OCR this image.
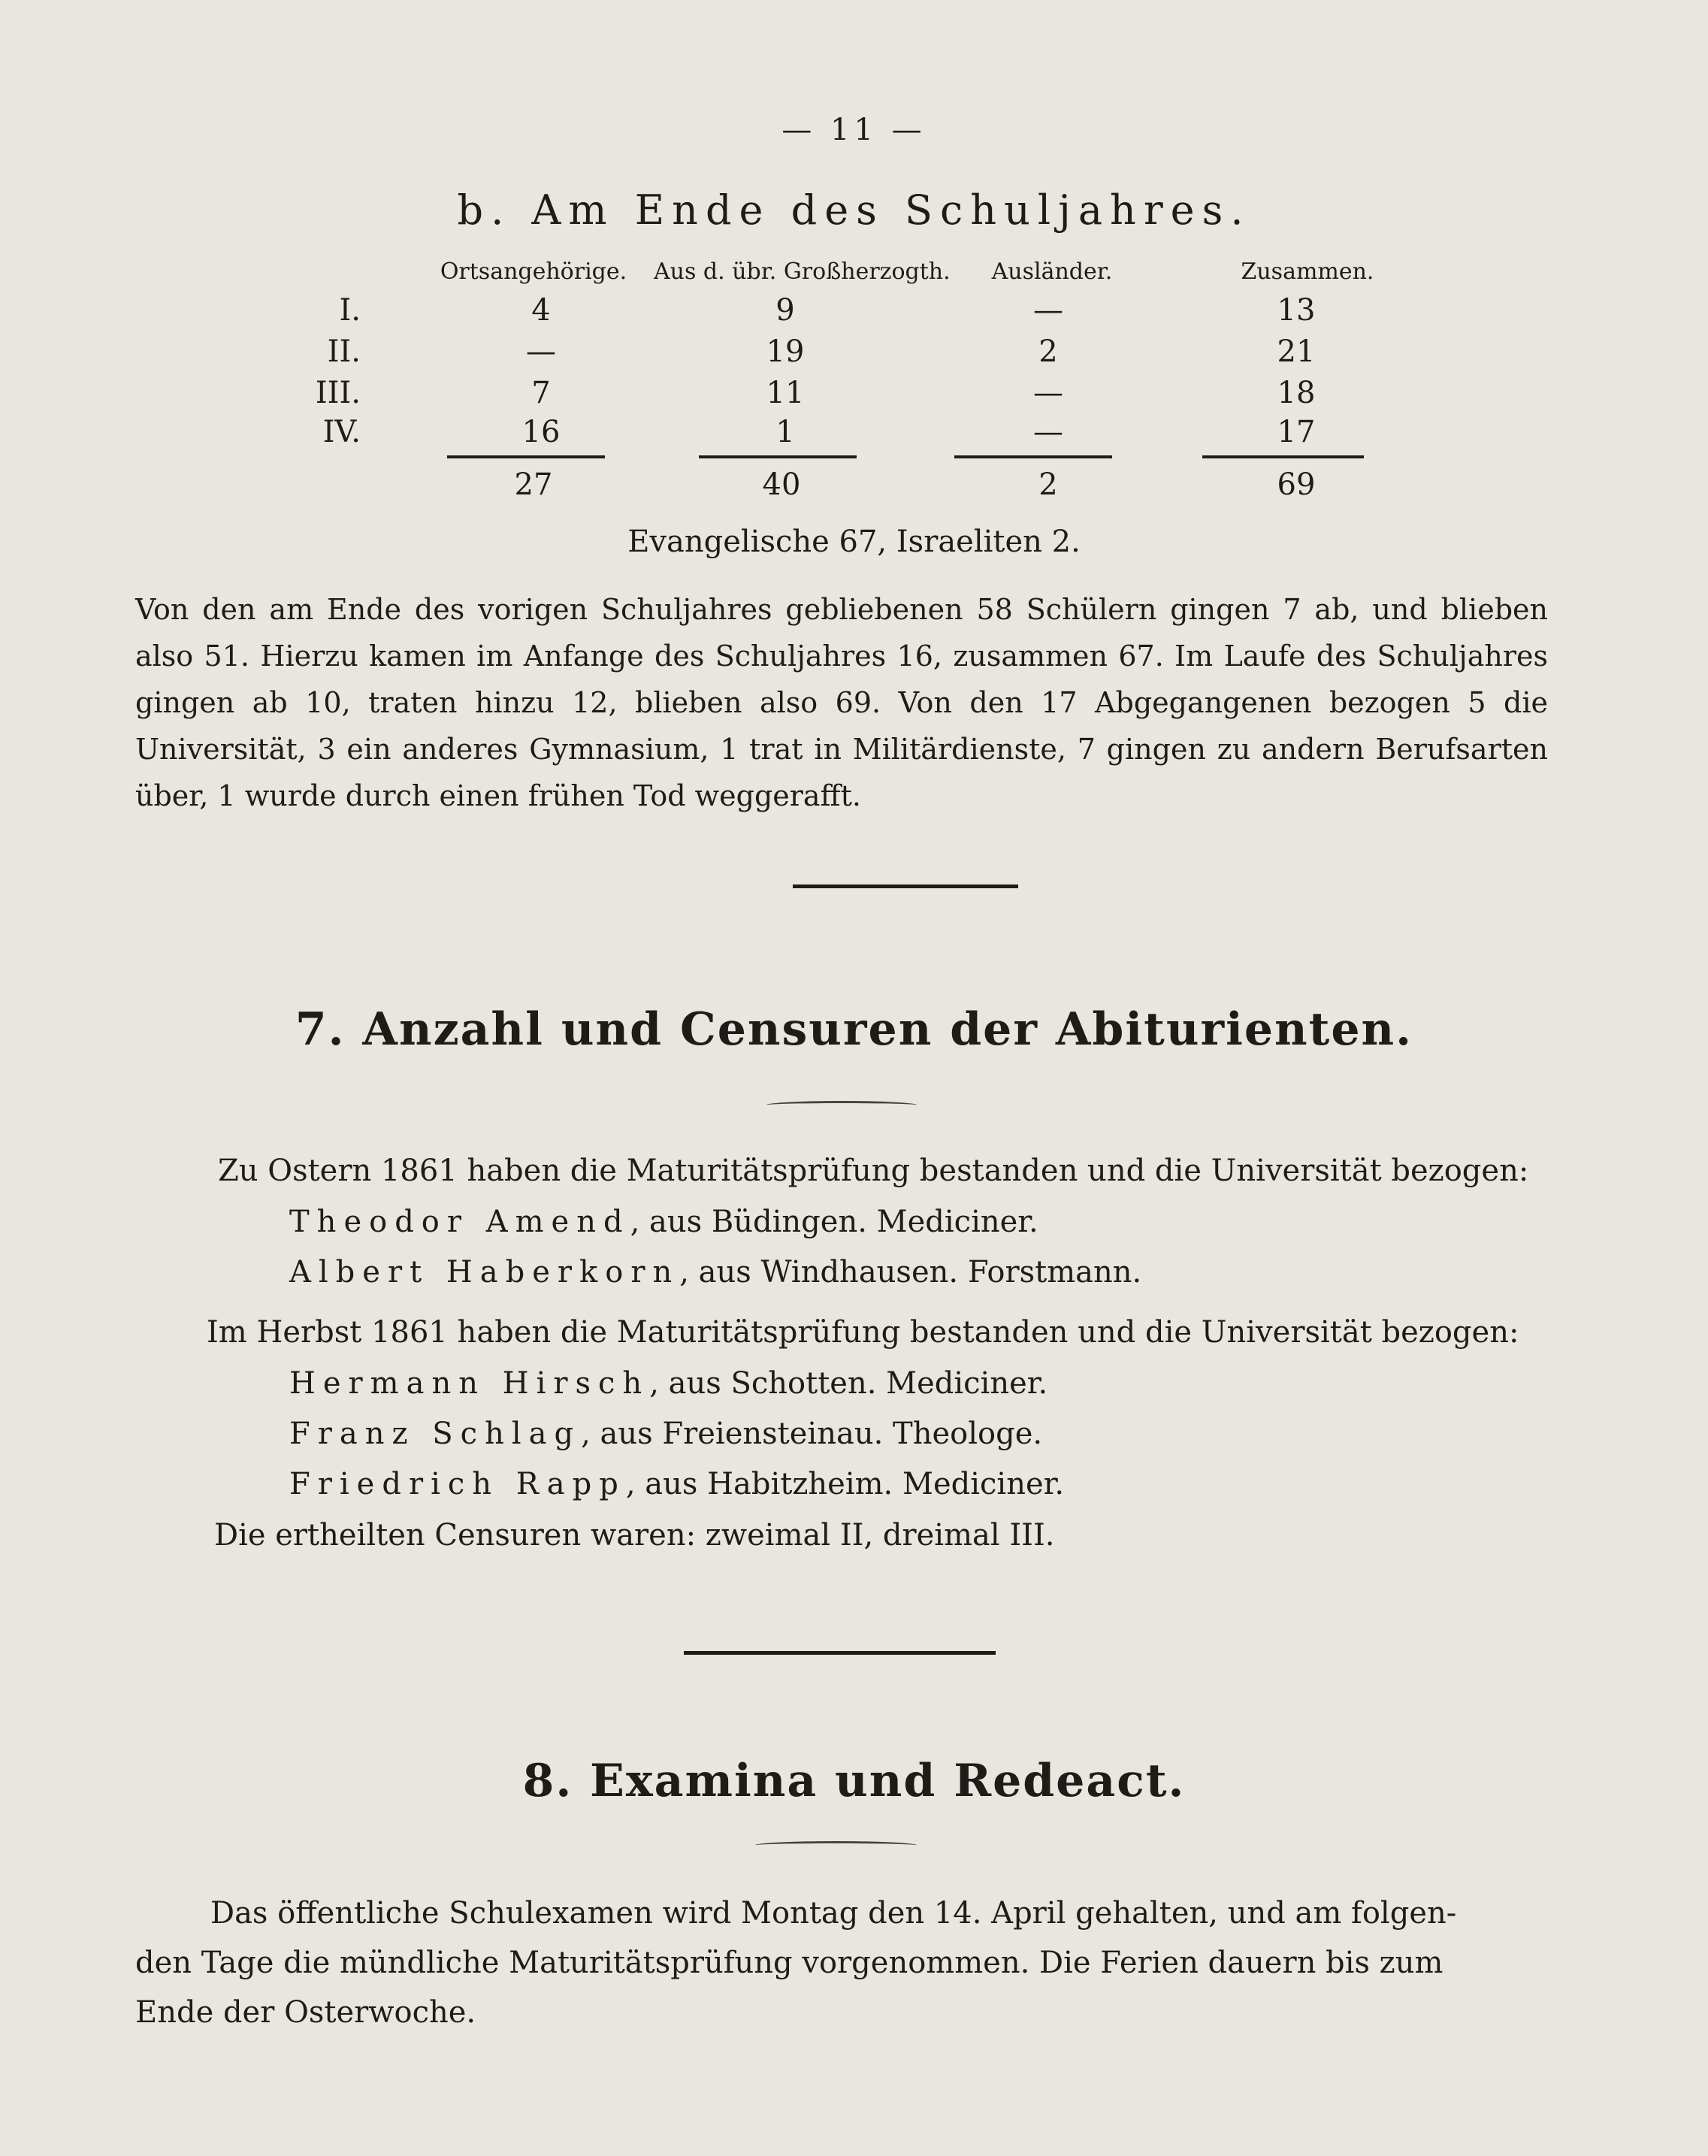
— 11 —
b. Am Ende des Schuljahres.
Ortsangehörige.	Aus d. übr. Großherzogth.	Ausländer.	Zusammen.
I.	4	9	—	13
II.	—	19	2	21
III.	7	11	—	18
IV.	16	1	—	17
27	40	2	69
Evangelische 67, Israeliten 2.
Von den am Ende des vorigen Schuljahres gebliebenen 58 Schülern gingen 7 ab, und blieben also 51. Hierzu kamen im Anfange des Schuljahres 16, zusammen 67. Im Laufe des Schuljahres gingen ab 10, traten hinzu 12, blieben also 69. Von den 17 Abgegangenen bezogen 5 die Universität, 3 ein anderes Gymnasium, 1 trat in Militärdienste, 7 gingen zu andern Berufsarten über, 1 wurde durch einen frühen Tod weggerafft.
7. Anzahl und Censuren der Abiturienten.
Zu Ostern 1861 haben die Maturitätsprüfung bestanden und die Universität bezogen:
Theodor Amend, aus Büdingen. Mediciner.
Albert Haberkorn, aus Windhausen. Forstmann.
Im Herbst 1861 haben die Maturitätsprüfung bestanden und die Universität bezogen:
Hermann Hirsch, aus Schotten. Mediciner.
Franz Schlag, aus Freiensteinau. Theologe.
Friedrich Rapp, aus Habitzheim. Mediciner.
Die ertheilten Censuren waren: zweimal II, dreimal III.
8. Examina und Redeact.
Das öffentliche Schulexamen wird Montag den 14. April gehalten, und am folgen-
den Tage die mündliche Maturitätsprüfung vorgenommen. Die Ferien dauern bis zum
Ende der Osterwoche.
